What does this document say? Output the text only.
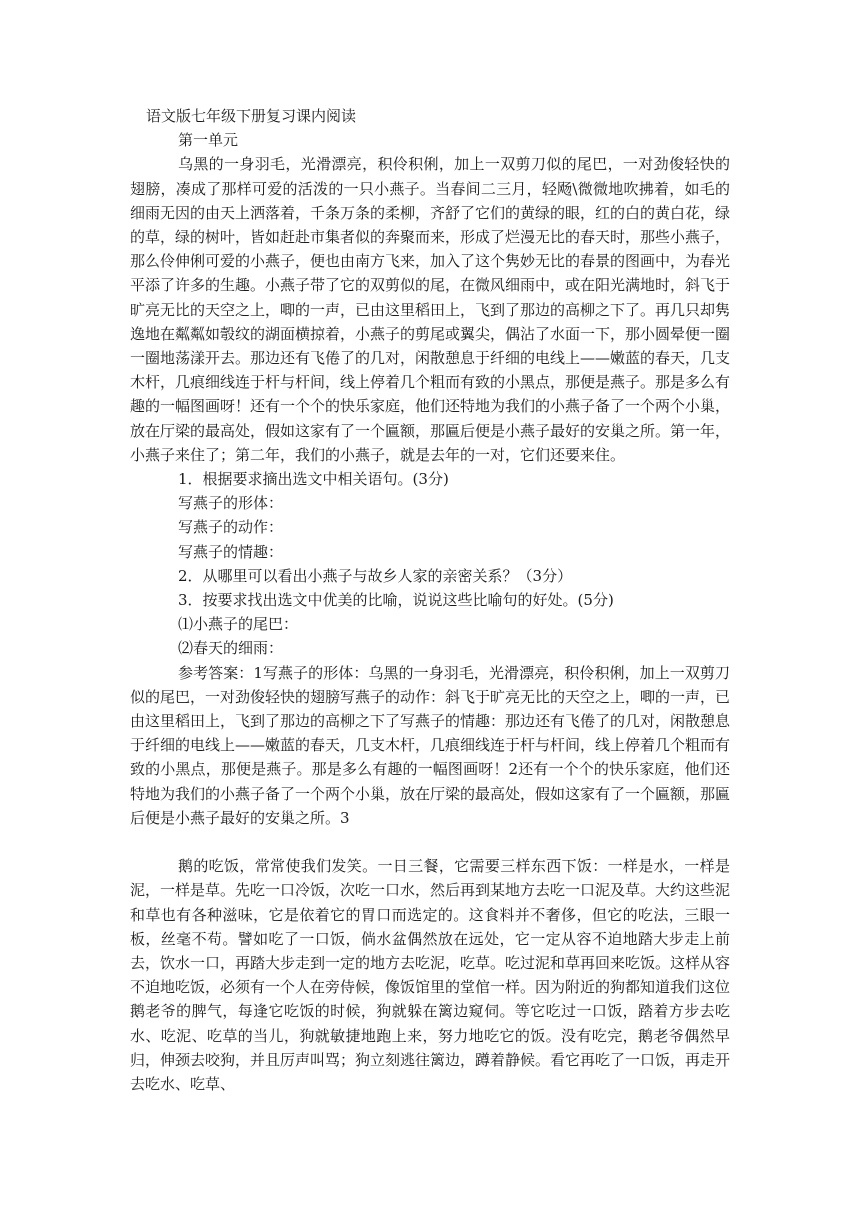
语文版七年级下册复习课内阅读

第一单元

乌黑的一身羽毛，光滑漂亮，积伶积俐，加上一双剪刀似的尾巴，一对劲俊轻快的翅膀，凑成了那样可爱的活泼的一只小燕子。当春间二三月，轻飏\微微地吹拂着，如毛的细雨无因的由天上洒落着，千条万条的柔柳，齐舒了它们的黄绿的眼，红的白的黄白花，绿的草，绿的树叶，皆如赶赴市集者似的奔聚而来，形成了烂漫无比的春天时，那些小燕子，那么伶伸俐可爱的小燕子，便也由南方飞来，加入了这个隽妙无比的春景的图画中，为春光平添了许多的生趣。小燕子带了它的双剪似的尾，在微风细雨中，或在阳光满地时，斜飞于旷亮无比的天空之上，唧的一声，已由这里稻田上，飞到了那边的高柳之下了。再几只却隽逸地在粼粼如彀纹的湖面横掠着，小燕子的剪尾或翼尖，偶沾了水面一下，那小圆晕便一圈一圈地荡漾开去。那边还有飞倦了的几对，闲散憩息于纤细的电线上——嫩蓝的春天，几支木杆，几痕细线连于杆与杆间，线上停着几个粗而有致的小黑点，那便是燕子。那是多么有趣的一幅图画呀！还有一个个的快乐家庭，他们还特地为我们的小燕子备了一个两个小巢，放在厅梁的最高处，假如这家有了一个匾额，那匾后便是小燕子最好的安巢之所。第一年，小燕子来住了；第二年，我们的小燕子，就是去年的一对，它们还要来住。

1．根据要求摘出选文中相关语句。(3分)

写燕子的形体：

写燕子的动作：

写燕子的情趣：

2．从哪里可以看出小燕子与故乡人家的亲密关系？（3分）

3．按要求找出选文中优美的比喻，说说这些比喻句的好处。(5分)

⑴小燕子的尾巴：

⑵春天的细雨：

参考答案：1写燕子的形体：乌黑的一身羽毛，光滑漂亮，积伶积俐，加上一双剪刀似的尾巴，一对劲俊轻快的翅膀写燕子的动作：斜飞于旷亮无比的天空之上，唧的一声，已由这里稻田上，飞到了那边的高柳之下了写燕子的情趣：那边还有飞倦了的几对，闲散憩息于纤细的电线上——嫩蓝的春天，几支木杆，几痕细线连于杆与杆间，线上停着几个粗而有致的小黑点，那便是燕子。那是多么有趣的一幅图画呀！2还有一个个的快乐家庭，他们还特地为我们的小燕子备了一个两个小巢，放在厅梁的最高处，假如这家有了一个匾额，那匾后便是小燕子最好的安巢之所。3

鹅的吃饭，常常使我们发笑。一日三餐，它需要三样东西下饭：一样是水，一样是泥，一样是草。先吃一口冷饭，次吃一口水，然后再到某地方去吃一口泥及草。大约这些泥和草也有各种滋味，它是依着它的胃口而选定的。这食料并不奢侈，但它的吃法，三眼一板，丝毫不苟。譬如吃了一口饭，倘水盆偶然放在远处，它一定从容不迫地踏大步走上前去，饮水一口，再踏大步走到一定的地方去吃泥，吃草。吃过泥和草再回来吃饭。这样从容不迫地吃饭，必须有一个人在旁侍候，像饭馆里的堂倌一样。因为附近的狗都知道我们这位鹅老爷的脾气，每逢它吃饭的时候，狗就躲在篱边窥伺。等它吃过一口饭，踏着方步去吃水、吃泥、吃草的当儿，狗就敏捷地跑上来，努力地吃它的饭。没有吃完，鹅老爷偶然早归，伸颈去咬狗，并且厉声叫骂；狗立刻逃往篱边，蹲着静候。看它再吃了一口饭，再走开去吃水、吃草、
